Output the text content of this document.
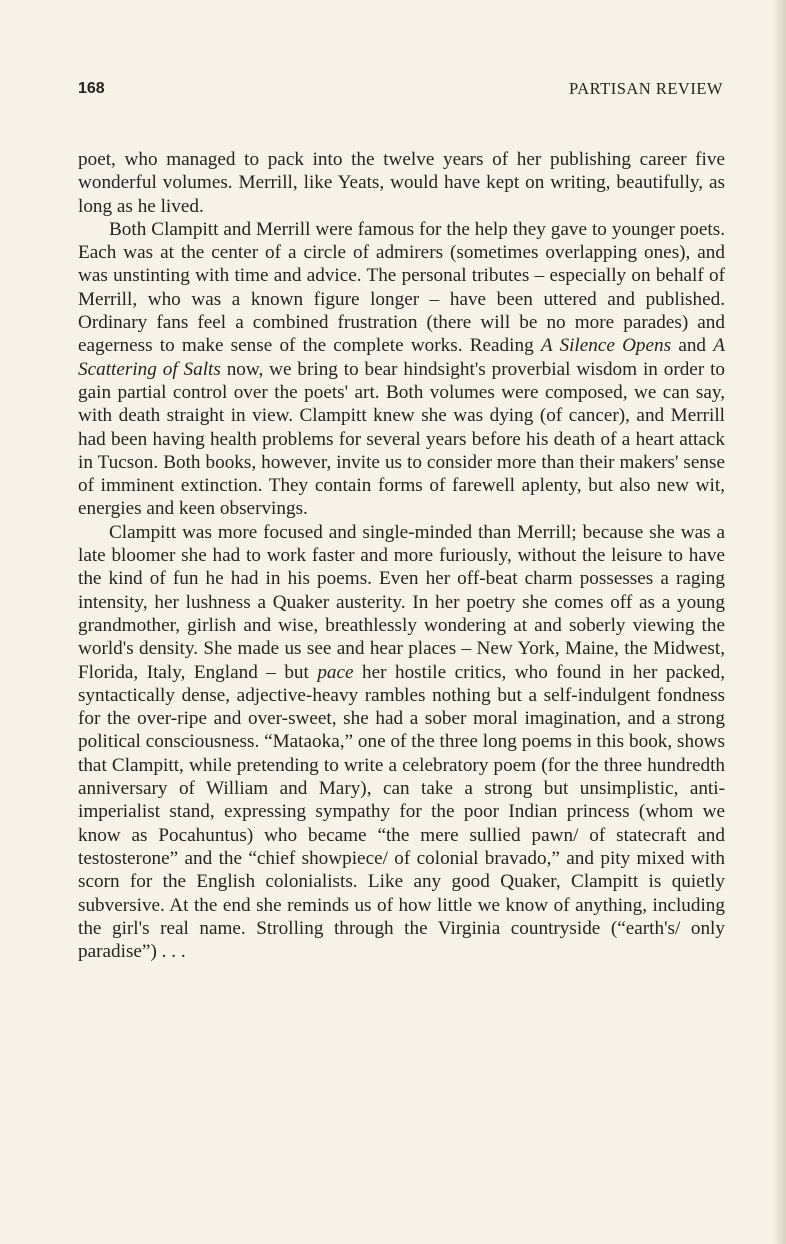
168	PARTISAN REVIEW

poet, who managed to pack into the twelve years of her publishing career five wonderful volumes. Merrill, like Yeats, would have kept on writing, beautifully, as long as he lived.

Both Clampitt and Merrill were famous for the help they gave to younger poets. Each was at the center of a circle of admirers (sometimes overlapping ones), and was unstinting with time and advice. The personal tributes – especially on behalf of Merrill, who was a known figure longer – have been uttered and published. Ordinary fans feel a combined frustration (there will be no more parades) and eagerness to make sense of the complete works. Reading A Silence Opens and A Scattering of Salts now, we bring to bear hindsight's proverbial wisdom in order to gain partial control over the poets' art. Both volumes were composed, we can say, with death straight in view. Clampitt knew she was dying (of cancer), and Merrill had been having health problems for several years before his death of a heart attack in Tucson. Both books, however, invite us to consider more than their makers' sense of imminent extinction. They contain forms of farewell aplenty, but also new wit, energies and keen observings.

Clampitt was more focused and single-minded than Merrill; because she was a late bloomer she had to work faster and more furiously, without the leisure to have the kind of fun he had in his poems. Even her off-beat charm possesses a raging intensity, her lushness a Quaker austerity. In her poetry she comes off as a young grandmother, girlish and wise, breathlessly wondering at and soberly viewing the world's density. She made us see and hear places – New York, Maine, the Midwest, Florida, Italy, England – but pace her hostile critics, who found in her packed, syntactically dense, adjective-heavy rambles nothing but a self-indulgent fondness for the over-ripe and over-sweet, she had a sober moral imagination, and a strong political consciousness. “Mataoka,” one of the three long poems in this book, shows that Clampitt, while pretending to write a celebratory poem (for the three hundredth anniversary of William and Mary), can take a strong but unsimplistic, anti-imperialist stand, expressing sympathy for the poor Indian princess (whom we know as Pocahuntus) who became “the mere sullied pawn/ of statecraft and testosterone” and the “chief showpiece/ of colonial bravado,” and pity mixed with scorn for the English colonialists. Like any good Quaker, Clampitt is quietly subversive. At the end she reminds us of how little we know of anything, including the girl's real name. Strolling through the Virginia countryside (“earth's/ only paradise”) . . .
